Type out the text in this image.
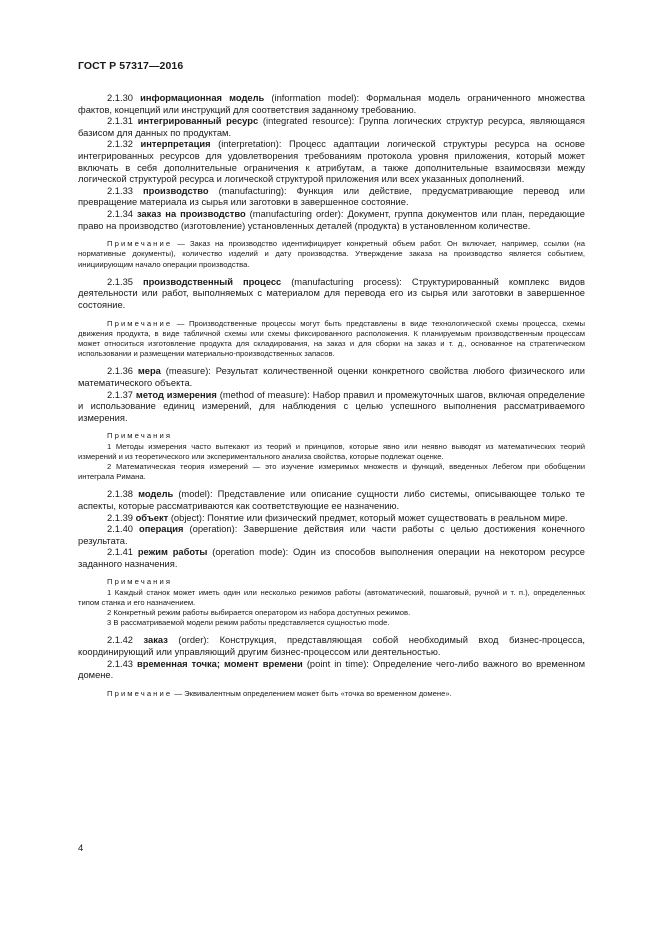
ГОСТ Р 57317—2016

2.1.30 информационная модель (information model): Формальная модель ограниченного множества фактов, концепций или инструкций для соответствия заданному требованию.

2.1.31 интегрированный ресурс (integrated resource): Группа логических структур ресурса, являющаяся базисом для данных по продуктам.

2.1.32 интерпретация (interpretation): Процесс адаптации логической структуры ресурса на основе интегрированных ресурсов для удовлетворения требованиям протокола уровня приложения, который может включать в себя дополнительные ограничения к атрибутам, а также дополнительные взаимосвязи между логической структурой ресурса и логической структурой приложения или всех указанных дополнений.

2.1.33 производство (manufacturing): Функция или действие, предусматривающие перевод или превращение материала из сырья или заготовки в завершенное состояние.

2.1.34 заказ на производство (manufacturing order): Документ, группа документов или план, передающие право на производство (изготовление) установленных деталей (продукта) в установленном количестве.

Примечание — Заказ на производство идентифицирует конкретный объем работ. Он включает, например, ссылки (на нормативные документы), количество изделий и дату производства. Утверждение заказа на производство является событием, инициирующим начало операции производства.

2.1.35 производственный процесс (manufacturing process): Структурированный комплекс видов деятельности или работ, выполняемых с материалом для перевода его из сырья или заготовки в завершенное состояние.

Примечание — Производственные процессы могут быть представлены в виде технологической схемы процесса, схемы движения продукта, в виде табличной схемы или схемы фиксированного расположения. К планируемым производственным процессам может относиться изготовление продукта для складирования, на заказ и для сборки на заказ и т. д., основанное на стратегическом использовании и размещении материально-производственных запасов.

2.1.36 мера (measure): Результат количественной оценки конкретного свойства любого физического или математического объекта.

2.1.37 метод измерения (method of measure): Набор правил и промежуточных шагов, включая определение и использование единиц измерений, для наблюдения с целью успешного выполнения рассматриваемого измерения.

Примечания

1 Методы измерения часто вытекают из теорий и принципов, которые явно или неявно выводят из математических теорий измерений и из теоретического или экспериментального анализа свойства, которые подлежат оценке.

2 Математическая теория измерений — это изучение измеримых множеств и функций, введенных Лебегом при обобщении интеграла Римана.

2.1.38 модель (model): Представление или описание сущности либо системы, описывающее только те аспекты, которые рассматриваются как соответствующие ее назначению.

2.1.39 объект (object): Понятие или физический предмет, который может существовать в реальном мире.

2.1.40 операция (operation): Завершение действия или части работы с целью достижения конечного результата.

2.1.41 режим работы (operation mode): Один из способов выполнения операции на некотором ресурсе заданного назначения.

Примечания

1 Каждый станок может иметь один или несколько режимов работы (автоматический, пошаговый, ручной и т. п.), определенных типом станка и его назначением.

2 Конкретный режим работы выбирается оператором из набора доступных режимов.

3 В рассматриваемой модели режим работы представляется сущностью mode.

2.1.42 заказ (order): Конструкция, представляющая собой необходимый вход бизнес-процесса, координирующий или управляющий другим бизнес-процессом или деятельностью.

2.1.43 временная точка; момент времени (point in time): Определение чего-либо важного во временном домене.

Примечание — Эквивалентным определением может быть «точка во временном домене».

4
